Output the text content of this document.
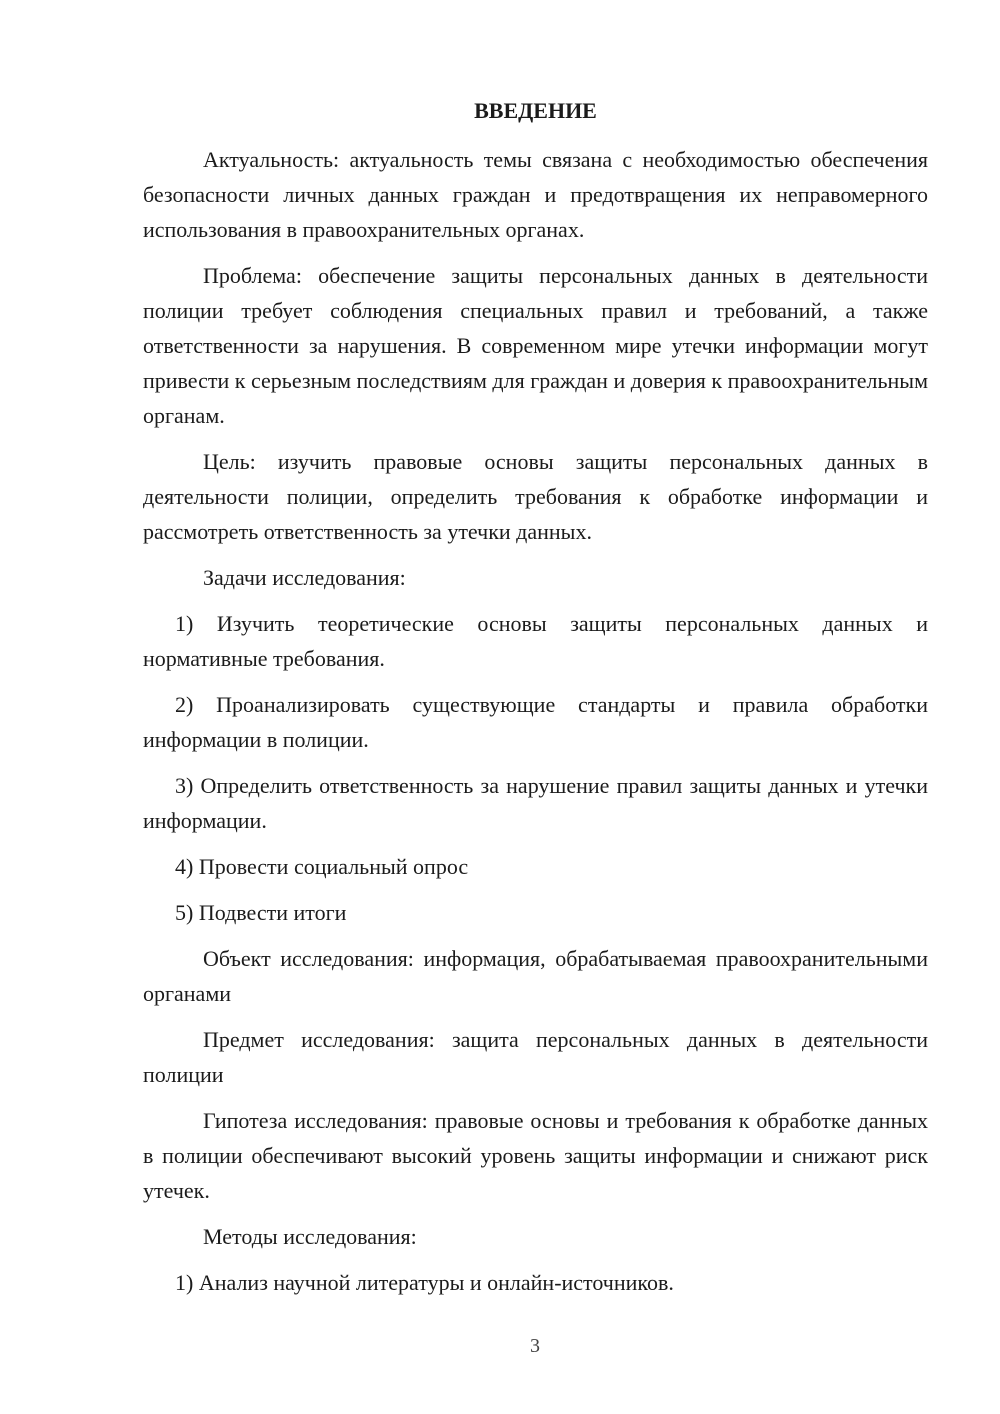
ВВЕДЕНИЕ

Актуальность: актуальность темы связана с необходимостью обеспечения безопасности личных данных граждан и предотвращения их неправомерного использования в правоохранительных органах.

Проблема: обеспечение защиты персональных данных в деятельности полиции требует соблюдения специальных правил и требований, а также ответственности за нарушения. В современном мире утечки информации могут привести к серьезным последствиям для граждан и доверия к правоохранительным органам.

Цель: изучить правовые основы защиты персональных данных в деятельности полиции, определить требования к обработке информации и рассмотреть ответственность за утечки данных.

Задачи исследования:

1) Изучить теоретические основы защиты персональных данных и нормативные требования.

2) Проанализировать существующие стандарты и правила обработки информации в полиции.

3) Определить ответственность за нарушение правил защиты данных и утечки информации.

4) Провести социальный опрос

5) Подвести итоги

Объект исследования: информация, обрабатываемая правоохранительными органами

Предмет исследования: защита персональных данных в деятельности полиции

Гипотеза исследования: правовые основы и требования к обработке данных в полиции обеспечивают высокий уровень защиты информации и снижают риск утечек.

Методы исследования:

1) Анализ научной литературы и онлайн-источников.

3
